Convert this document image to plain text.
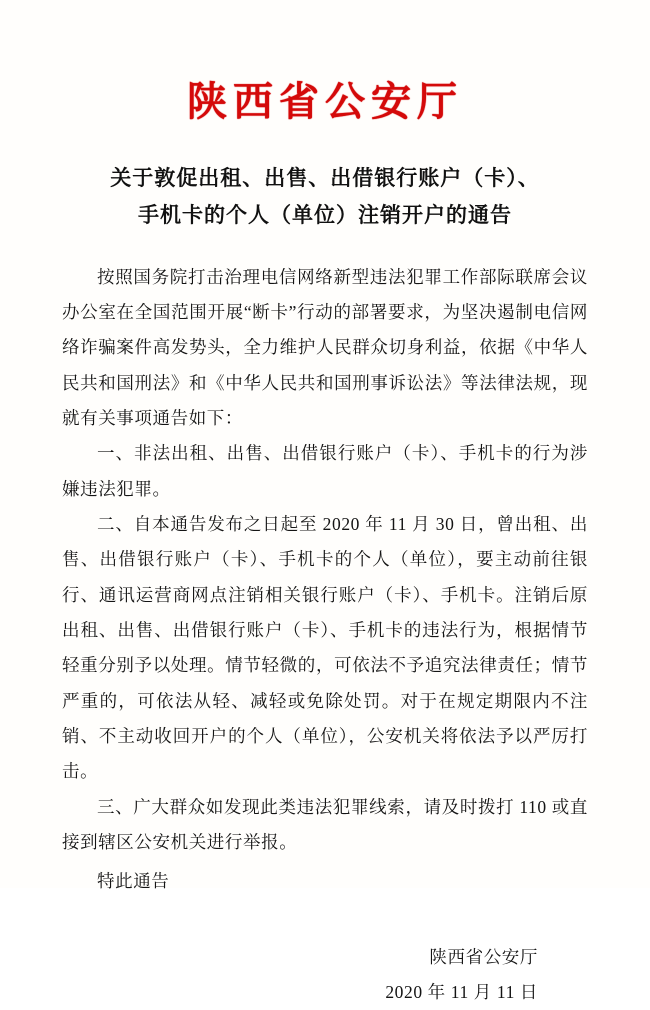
陕西省公安厅
关于敦促出租、出售、出借银行账户（卡）、
手机卡的个人（单位）注销开户的通告

按照国务院打击治理电信网络新型违法犯罪工作部际联席会议办公室在全国范围开展“断卡”行动的部署要求，为坚决遏制电信网络诈骗案件高发势头，全力维护人民群众切身利益，依据《中华人民共和国刑法》和《中华人民共和国刑事诉讼法》等法律法规，现就有关事项通告如下：

一、非法出租、出售、出借银行账户（卡）、手机卡的行为涉嫌违法犯罪。

二、自本通告发布之日起至 2020 年 11 月 30 日，曾出租、出售、出借银行账户（卡）、手机卡的个人（单位），要主动前往银行、通讯运营商网点注销相关银行账户（卡）、手机卡。注销后原出租、出售、出借银行账户（卡）、手机卡的违法行为，根据情节轻重分别予以处理。情节轻微的，可依法不予追究法律责任；情节严重的，可依法从轻、减轻或免除处罚。对于在规定期限内不注销、不主动收回开户的个人（单位），公安机关将依法予以严厉打击。

三、广大群众如发现此类违法犯罪线索，请及时拨打 110 或直接到辖区公安机关进行举报。

特此通告

陕西省公安厅
2020 年 11 月 11 日
